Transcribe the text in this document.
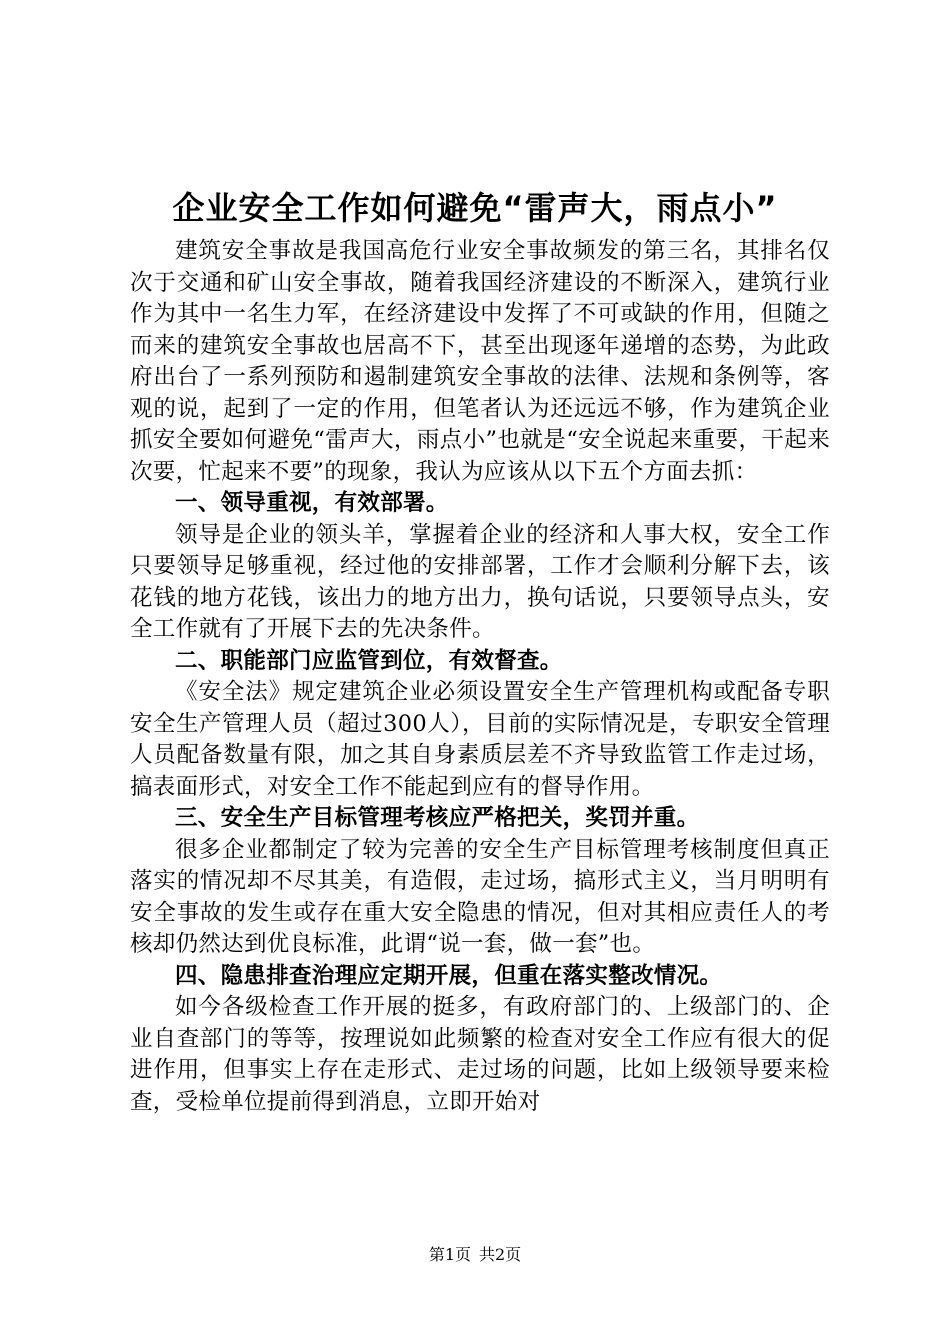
企业安全工作如何避免“雷声大，雨点小”

建筑安全事故是我国高危行业安全事故频发的第三名，其排名仅次于交通和矿山安全事故，随着我国经济建设的不断深入，建筑行业作为其中一名生力军，在经济建设中发挥了不可或缺的作用，但随之而来的建筑安全事故也居高不下，甚至出现逐年递增的态势，为此政府出台了一系列预防和遏制建筑安全事故的法律、法规和条例等，客观的说，起到了一定的作用，但笔者认为还远远不够，作为建筑企业抓安全要如何避免“雷声大，雨点小”也就是“安全说起来重要，干起来次要，忙起来不要”的现象，我认为应该从以下五个方面去抓：

一、领导重视，有效部署。

领导是企业的领头羊，掌握着企业的经济和人事大权，安全工作只要领导足够重视，经过他的安排部署，工作才会顺利分解下去，该花钱的地方花钱，该出力的地方出力，换句话说，只要领导点头，安全工作就有了开展下去的先决条件。

二、职能部门应监管到位，有效督查。

《安全法》规定建筑企业必须设置安全生产管理机构或配备专职安全生产管理人员（超过300人），目前的实际情况是，专职安全管理人员配备数量有限，加之其自身素质层差不齐导致监管工作走过场，搞表面形式，对安全工作不能起到应有的督导作用。

三、安全生产目标管理考核应严格把关，奖罚并重。

很多企业都制定了较为完善的安全生产目标管理考核制度但真正落实的情况却不尽其美，有造假，走过场，搞形式主义，当月明明有安全事故的发生或存在重大安全隐患的情况，但对其相应责任人的考核却仍然达到优良标准，此谓“说一套，做一套”也。

四、隐患排查治理应定期开展，但重在落实整改情况。

如今各级检查工作开展的挺多，有政府部门的、上级部门的、企业自查部门的等等，按理说如此频繁的检查对安全工作应有很大的促进作用，但事实上存在走形式、走过场的问题，比如上级领导要来检查，受检单位提前得到消息，立即开始对

第1页 共2页
